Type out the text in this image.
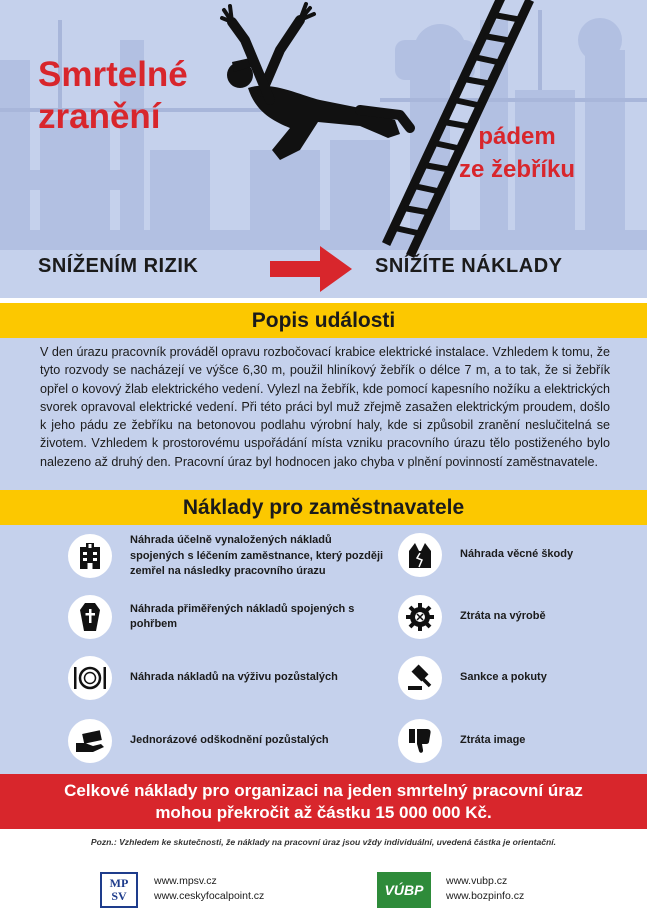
Smrtelné
zranění
pádem
ze žebříku
SNÍŽENÍM RIZIK	SNÍŽÍTE NÁKLADY
Popis události

V den úrazu pracovník prováděl opravu rozbočovací krabice elektrické instalace. Vzhledem k tomu, že tyto rozvody se nacházejí ve výšce 6,30 m, použil hliníkový žebřík o délce 7 m, a to tak, že si žebřík opřel o kovový žlab elektrického vedení. Vylezl na žebřík, kde pomocí kapesního nožíku a elektrických svorek opravoval elektrické vedení. Při této práci byl muž zřejmě zasažen elektrickým proudem, došlo k jeho pádu ze žebříku na betonovou podlahu výrobní haly, kde si způsobil zranění neslučitelná se životem. Vzhledem k prostorovému uspořádání místa vzniku pracovního úrazu tělo postiženého bylo nalezeno až druhý den. Pracovní úraz byl hodnocen jako chyba v plnění povinností zaměstnavatele.

Náklady pro zaměstnavatele
Náhrada účelně vynaložených nákladů spojených s léčením zaměstnance, který později zemřel na následky pracovního úrazu
Náhrada přiměřených nákladů spojených s pohřbem
Náhrada nákladů na výživu pozůstalých
Jednorázové odškodnění pozůstalých
Náhrada věcné škody
Ztráta na výrobě
Sankce a pokuty
Ztráta image
Celkové náklady pro organizaci na jeden smrtelný pracovní úraz
mohou překročit až částku 15 000 000 Kč.
Pozn.: Vzhledem ke skutečnosti, že náklady na pracovní úraz jsou vždy individuální, uvedená částka je orientační.
MP
SV
www.mpsv.cz
www.ceskyfocalpoint.cz	VÚBP
www.vubp.cz
www.bozpinfo.cz
